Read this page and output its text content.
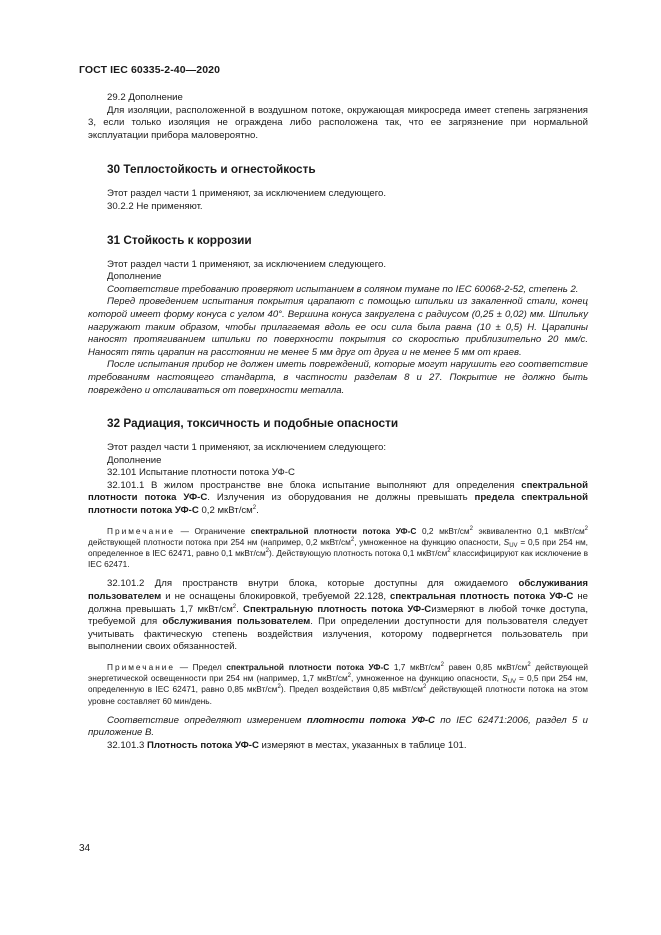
ГОСТ IEC 60335-2-40—2020

29.2 Дополнение

Для изоляции, расположенной в воздушном потоке, окружающая микросреда имеет степень загрязнения 3, если только изоляция не ограждена либо расположена так, что ее загрязнение при нормальной эксплуатации прибора маловероятно.

30 Теплостойкость и огнестойкость

Этот раздел части 1 применяют, за исключением следующего.

30.2.2 Не применяют.

31 Стойкость к коррозии

Этот раздел части 1 применяют, за исключением следующего.

Дополнение

Соответствие требованию проверяют испытанием в соляном тумане по IEC 60068-2-52, степень 2.

Перед проведением испытания покрытия царапают с помощью шпильки из закаленной стали, конец которой имеет форму конуса с углом 40°. Вершина конуса закруглена с радиусом (0,25 ± 0,02) мм. Шпильку нагружают таким образом, чтобы прилагаемая вдоль ее оси сила была равна (10 ± 0,5) Н. Царапины наносят протягиванием шпильки по поверхности покрытия со скоростью приблизительно 20 мм/с. Наносят пять царапин на расстоянии не менее 5 мм друг от друга и не менее 5 мм от краев.

После испытания прибор не должен иметь повреждений, которые могут нарушить его соответствие требованиям настоящего стандарта, в частности разделам 8 и 27. Покрытие не должно быть повреждено и отслаиваться от поверхности металла.

32 Радиация, токсичность и подобные опасности

Этот раздел части 1 применяют, за исключением следующего:

Дополнение

32.101 Испытание плотности потока УФ-С

32.101.1 В жилом пространстве вне блока испытание выполняют для определения спектральной плотности потока УФ-С. Излучения из оборудования не должны превышать предела спектральной плотности потока УФ-С 0,2 мкВт/$см^2$.

Примечание — Ограничение спектральной плотности потока УФ-С 0,2 мкВт/$см^2$ эквивалентно 0,1 мкВт/$см^2$ действующей плотности потока при 254 нм (например, 0,2 мкВт/$см^2$, умноженное на функцию опасности, $S_{UV} = 0,5$ при 254 нм, определенное в IEC 62471, равно 0,1 мкВт/$см^2$). Действующую плотность потока 0,1 мкВт/$см^2$ классифицируют как исключение в IEC 62471.

32.101.2 Для пространств внутри блока, которые доступны для ожидаемого обслуживания пользователем и не оснащены блокировкой, требуемой 22.128, спектральная плотность потока УФ-С не должна превышать 1,7 мкВт/$см^2$. Спектральную плотность потока УФ-Сизмеряют в любой точке доступа, требуемой для обслуживания пользователем. При определении доступности для пользователя следует учитывать фактическую степень воздействия излучения, которому подвергнется пользователь при выполнении своих обязанностей.

Примечание — Предел спектральной плотности потока УФ-С 1,7 мкВт/$см^2$ равен 0,85 мкВт/$см^2$ действующей энергетической освещенности при 254 нм (например, 1,7 мкВт/$см^2$, умноженное на функцию опасности, $S_{UV} = 0,5$ при 254 нм, определенную в IEC 62471, равно 0,85 мкВт/$см^2$). Предел воздействия 0,85 мкВт/$см^2$ действующей плотности потока на этом уровне составляет 60 мин/день.

Соответствие определяют измерением плотности потока УФ-С по IEC 62471:2006, раздел 5 и приложение В.

32.101.3 Плотность потока УФ-С измеряют в местах, указанных в таблице 101.

34
